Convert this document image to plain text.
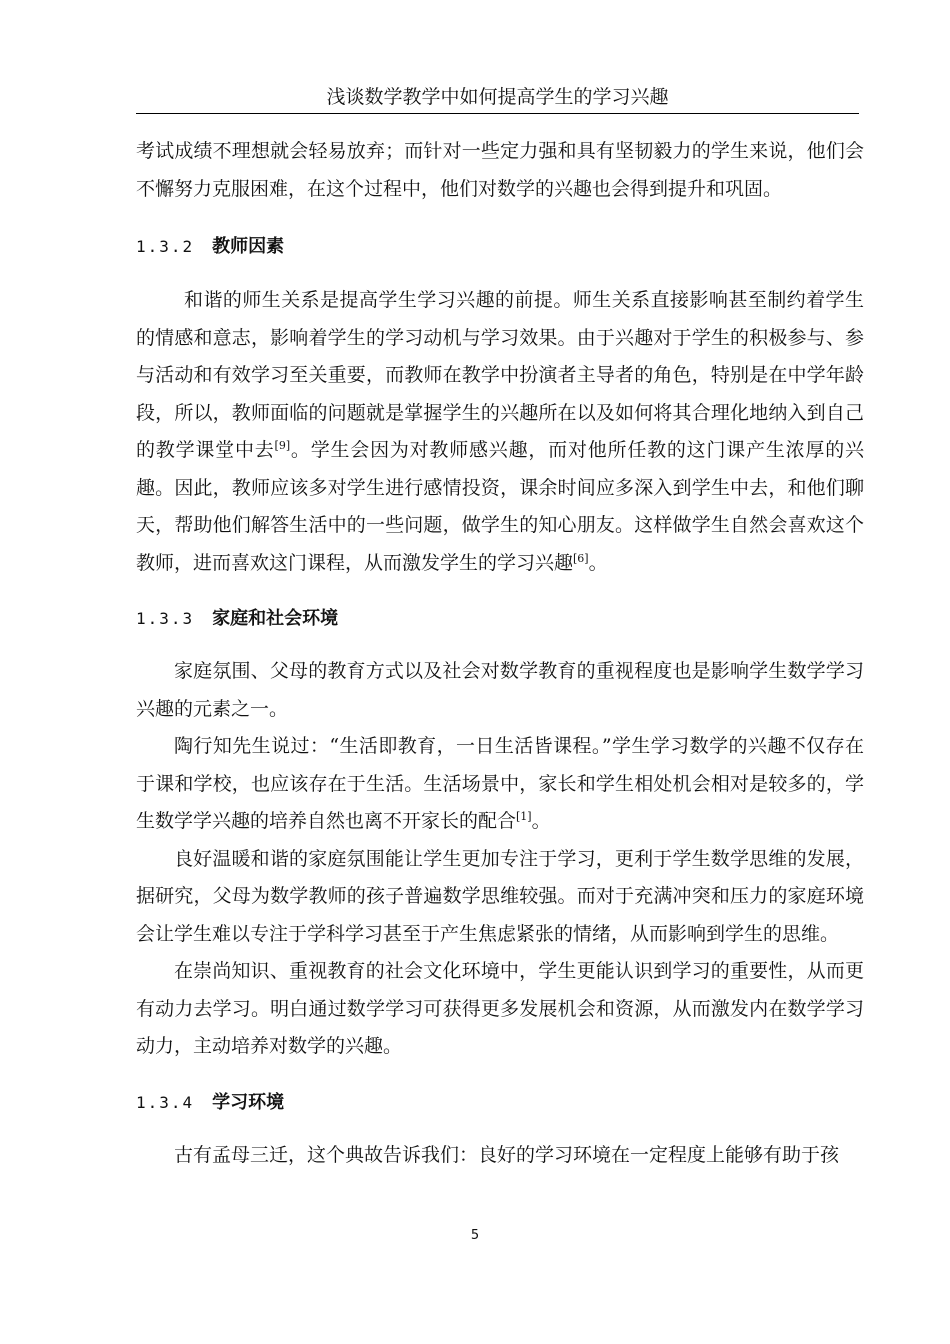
浅谈数学教学中如何提高学生的学习兴趣

考试成绩不理想就会轻易放弃；而针对一些定力强和具有坚韧毅力的学生来说，他们会不懈努力克服困难，在这个过程中，他们对数学的兴趣也会得到提升和巩固。

1.3.2 教师因素

和谐的师生关系是提高学生学习兴趣的前提。师生关系直接影响甚至制约着学生的情感和意志，影响着学生的学习动机与学习效果。由于兴趣对于学生的积极参与、参与活动和有效学习至关重要，而教师在教学中扮演者主导者的角色，特别是在中学年龄段，所以，教师面临的问题就是掌握学生的兴趣所在以及如何将其合理化地纳入到自己的教学课堂中去[9]。学生会因为对教师感兴趣，而对他所任教的这门课产生浓厚的兴趣。因此，教师应该多对学生进行感情投资，课余时间应多深入到学生中去，和他们聊天，帮助他们解答生活中的一些问题，做学生的知心朋友。这样做学生自然会喜欢这个教师，进而喜欢这门课程，从而激发学生的学习兴趣[6]。

1.3.3 家庭和社会环境

家庭氛围、父母的教育方式以及社会对数学教育的重视程度也是影响学生数学学习兴趣的元素之一。

陶行知先生说过：“生活即教育，一日生活皆课程。”学生学习数学的兴趣不仅存在于课和学校，也应该存在于生活。生活场景中，家长和学生相处机会相对是较多的，学生数学学兴趣的培养自然也离不开家长的配合[1]。

良好温暖和谐的家庭氛围能让学生更加专注于学习，更利于学生数学思维的发展，据研究，父母为数学教师的孩子普遍数学思维较强。而对于充满冲突和压力的家庭环境会让学生难以专注于学科学习甚至于产生焦虑紧张的情绪，从而影响到学生的思维。

在崇尚知识、重视教育的社会文化环境中，学生更能认识到学习的重要性，从而更有动力去学习。明白通过数学学习可获得更多发展机会和资源，从而激发内在数学学习动力，主动培养对数学的兴趣。

1.3.4 学习环境

古有孟母三迁，这个典故告诉我们：良好的学习环境在一定程度上能够有助于孩

5
